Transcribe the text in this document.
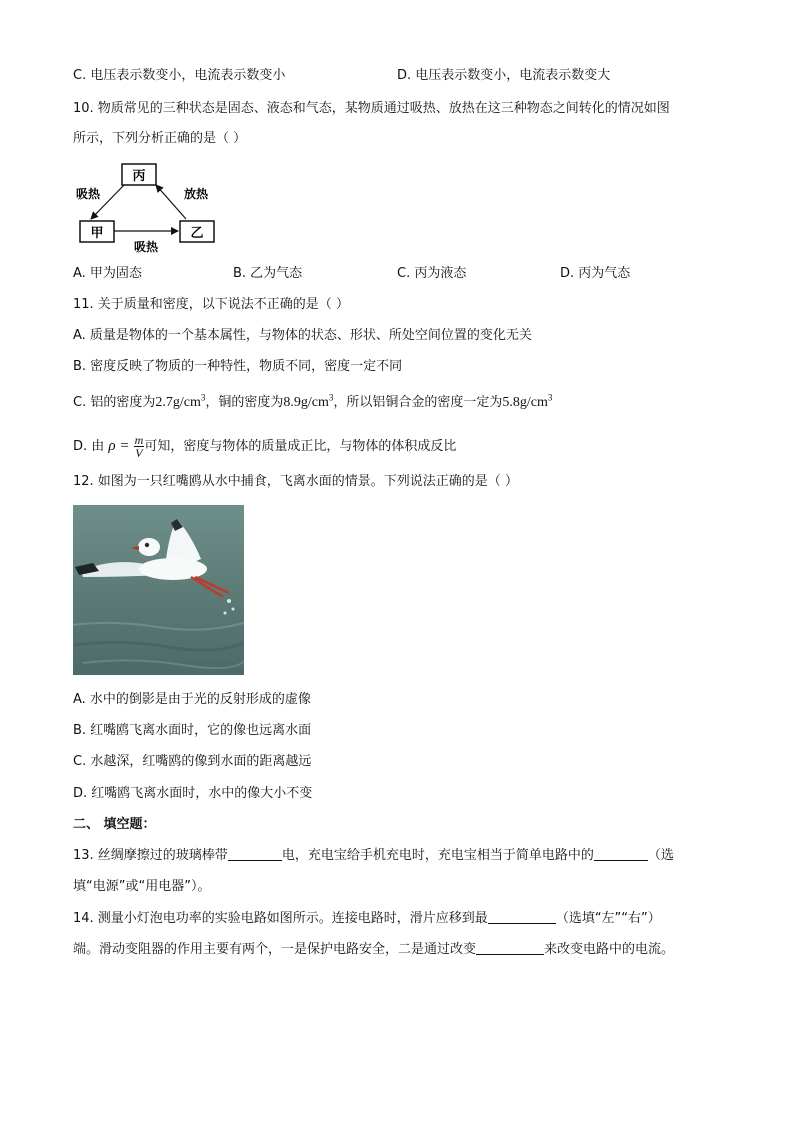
C. 电压表示数变小，电流表示数变小	D. 电压表示数变小，电流表示数变大
10. 物质常见的三种状态是固态、液态和气态，某物质通过吸热、放热在这三种物态之间转化的情况如图
所示，下列分析正确的是（ ）
丙
甲	乙
吸热	放热
吸热
A. 甲为固态	B. 乙为气态	C. 丙为液态	D. 丙为气态
11. 关于质量和密度，以下说法不正确的是（ ）
A. 质量是物体的一个基本属性，与物体的状态、形状、所处空间位置的变化无关
B. 密度反映了物质的一种特性，物质不同，密度一定不同
C. 铝的密度为$2.7g/cm^3$，铜的密度为$8.9g/cm^3$，所以铝铜合金的密度一定为$5.8g/cm^3$
D. 由 $\rho = \frac{m}{V}$ 可知，密度与物体的质量成正比，与物体的体积成反比
12. 如图为一只红嘴鸥从水中捕食，飞离水面的情景。下列说法正确的是（ ）
A. 水中的倒影是由于光的反射形成的虚像
B. 红嘴鸥飞离水面时，它的像也远离水面
C. 水越深，红嘴鸥的像到水面的距离越远
D. 红嘴鸥飞离水面时，水中的像大小不变
二、 填空题：
13. 丝绸摩擦过的玻璃棒带	电，充电宝给手机充电时，充电宝相当于简单电路中的	（选
填“电源”或“用电器”）。
14. 测量小灯泡电功率的实验电路如图所示。连接电路时，滑片应移到最	（选填“左”“右”）
端。滑动变阻器的作用主要有两个，一是保护电路安全，二是通过改变	来改变电路中的电流。
